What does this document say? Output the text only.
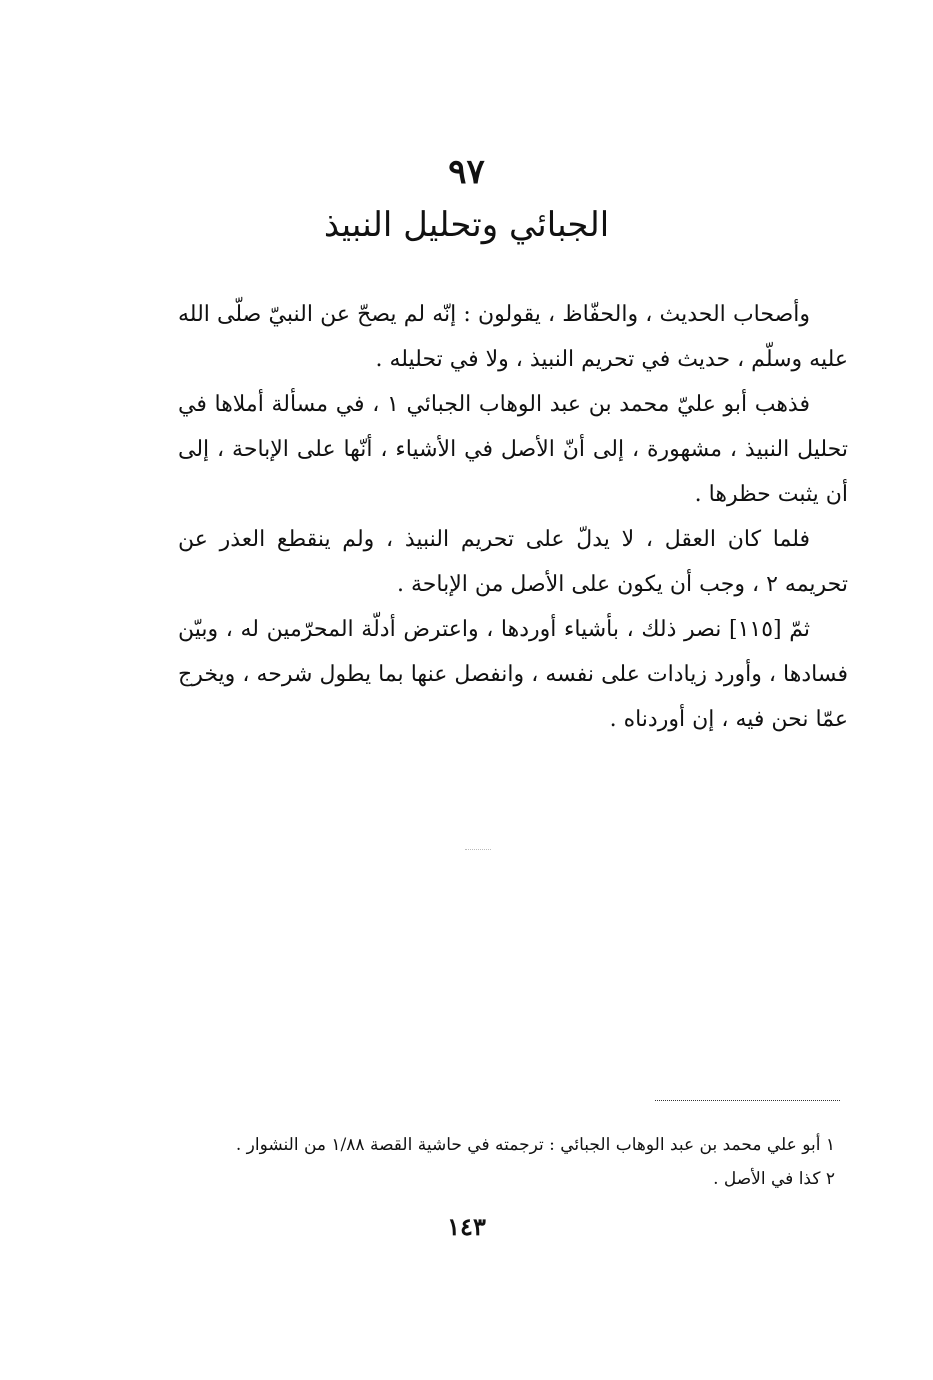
٩٧
الجبائي وتحليل النبيذ

وأصحاب الحديث ، والحفّاظ ، يقولون : إنّه لم يصحّ عن النبيّ صلّى الله عليه وسلّم ، حديث في تحريم النبيذ ، ولا في تحليله .

فذهب أبو عليّ محمد بن عبد الوهاب الجبائي ١ ، في مسألة أملاها في تحليل النبيذ ، مشهورة ، إلى أنّ الأصل في الأشياء ، أنّها على الإباحة ، إلى أن يثبت حظرها .

فلما كان العقل ، لا يدلّ على تحريم النبيذ ، ولم ينقطع العذر عن تحريمه ٢ ، وجب أن يكون على الأصل من الإباحة .

ثمّ [١١٥] نصر ذلك ، بأشياء أوردها ، واعترض أدلّة المحرّمين له ، وبيّن فسادها ، وأورد زيادات على نفسه ، وانفصل عنها بما يطول شرحه ، ويخرج عمّا نحن فيه ، إن أوردناه .

١ أبو علي محمد بن عبد الوهاب الجبائي : ترجمته في حاشية القصة ١/٨٨ من النشوار .

٢ كذا في الأصل .

١٤٣
